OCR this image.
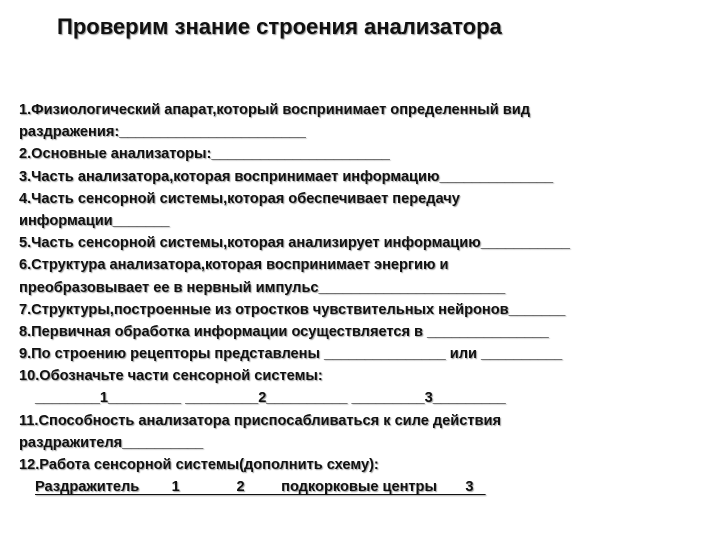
Проверим знание строения анализатора
1.Физиологический апарат,который воспринимает определенный вид
раздражения:_______________________
2.Основные анализаторы:______________________
3.Часть анализатора,которая воспринимает информацию______________
4.Часть сенсорной системы,которая обеспечивает передачу
информации_______
5.Часть сенсорной системы,которая анализирует информацию___________
6.Структура анализатора,которая воспринимает энергию и
преобразовывает ее в нервный импульс_______________________
7.Структуры,построенные из отростков чувствительных нейронов_______
8.Первичная обработка информации осуществляется в _______________
9.По строению рецепторы представлены _______________ или __________
10.Обозначьте части сенсорной системы:
________1_________ _________2__________ _________3_________
11.Способность анализатора приспосабливаться к силе действия
раздражителя__________
12.Работа сенсорной системы(дополнить схему):
Раздражитель        1              2         подкорковые центры       3
